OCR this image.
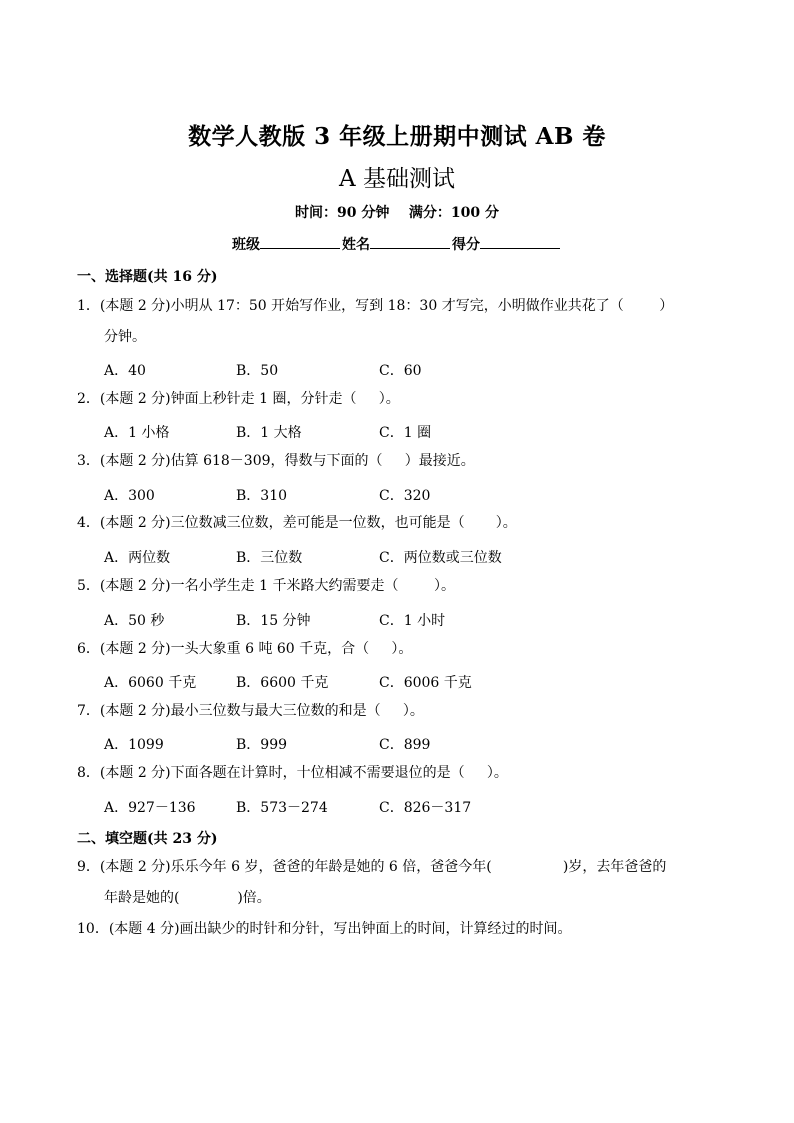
数学人教版 3 年级上册期中测试 AB 卷
A 基础测试
时间：90 分钟    满分：100 分
班级	姓名	得分
一、选择题(共 16 分)
1．(本题 2 分)小明从 17：50 开始写作业，写到 18：30 才写完，小明做作业共花了（        ）
分钟。
A．40	B．50	C．60
2．(本题 2 分)钟面上秒针走 1 圈，分针走（     ）。
A．1 小格	B．1 大格	C．1 圈
3．(本题 2 分)估算 618－309，得数与下面的（     ）最接近。
A．300	B．310	C．320
4．(本题 2 分)三位数减三位数，差可能是一位数，也可能是（       ）。
A．两位数	B．三位数	C．两位数或三位数
5．(本题 2 分)一名小学生走 1 千米路大约需要走（        ）。
A．50 秒	B．15 分钟	C．1 小时
6．(本题 2 分)一头大象重 6 吨 60 千克，合（     ）。
A．6060 千克	B．6600 千克	C．6006 千克
7．(本题 2 分)最小三位数与最大三位数的和是（     ）。
A．1099	B．999	C．899
8．(本题 2 分)下面各题在计算时，十位相减不需要退位的是（     ）。
A．927－136	B．573－274	C．826－317
二、填空题(共 23 分)
9．(本题 2 分)乐乐今年 6 岁，爸爸的年龄是她的 6 倍，爸爸今年(                )岁，去年爸爸的
年龄是她的(             )倍。
10．(本题 4 分)画出缺少的时针和分针，写出钟面上的时间，计算经过的时间。
